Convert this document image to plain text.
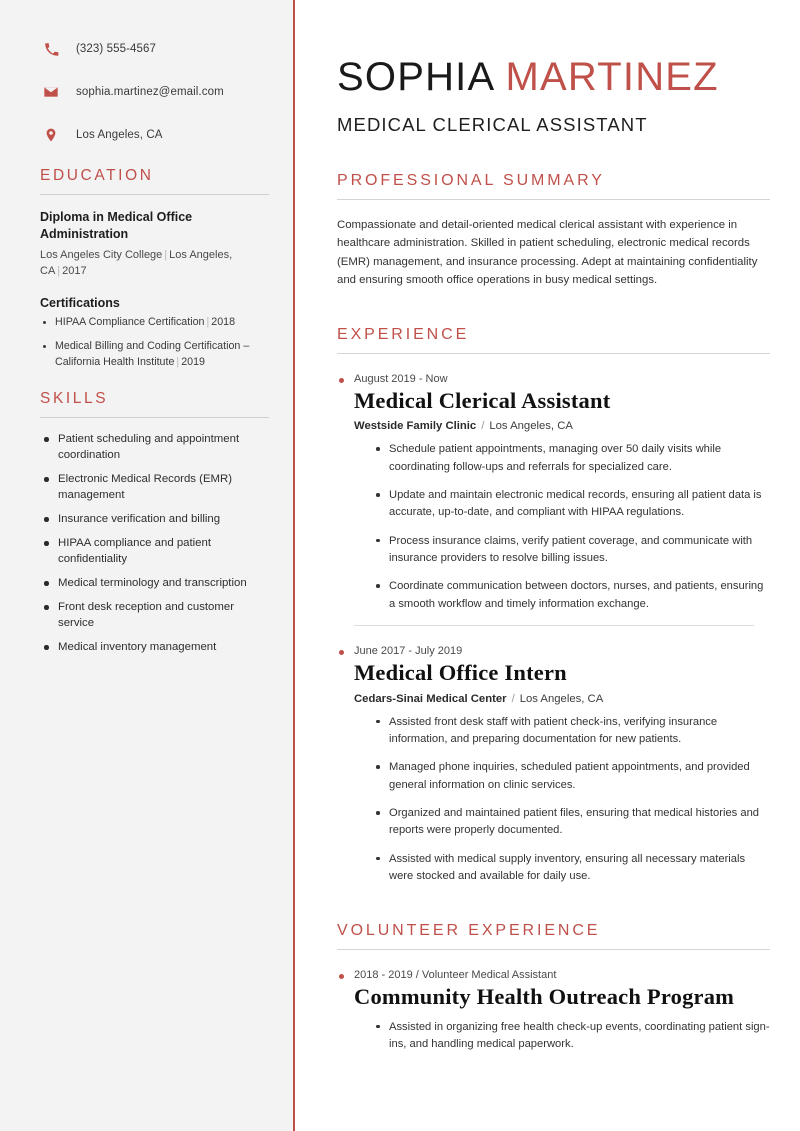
(323) 555-4567
sophia.martinez@email.com
Los Angeles, CA
EDUCATION
Diploma in Medical Office Administration
Los Angeles City College | Los Angeles, CA | 2017
Certifications
HIPAA Compliance Certification | 2018
Medical Billing and Coding Certification – California Health Institute | 2019
SKILLS
Patient scheduling and appointment coordination
Electronic Medical Records (EMR) management
Insurance verification and billing
HIPAA compliance and patient confidentiality
Medical terminology and transcription
Front desk reception and customer service
Medical inventory management
SOPHIA MARTINEZ
MEDICAL CLERICAL ASSISTANT
PROFESSIONAL SUMMARY

Compassionate and detail-oriented medical clerical assistant with experience in healthcare administration. Skilled in patient scheduling, electronic medical records (EMR) management, and insurance processing. Adept at maintaining confidentiality and ensuring smooth office operations in busy medical settings.

EXPERIENCE
August 2019 - Now
Medical Clerical Assistant
Westside Family Clinic / Los Angeles, CA
Schedule patient appointments, managing over 50 daily visits while coordinating follow-ups and referrals for specialized care.
Update and maintain electronic medical records, ensuring all patient data is accurate, up-to-date, and compliant with HIPAA regulations.
Process insurance claims, verify patient coverage, and communicate with insurance providers to resolve billing issues.
Coordinate communication between doctors, nurses, and patients, ensuring a smooth workflow and timely information exchange.
June 2017 - July 2019
Medical Office Intern
Cedars-Sinai Medical Center / Los Angeles, CA
Assisted front desk staff with patient check-ins, verifying insurance information, and preparing documentation for new patients.
Managed phone inquiries, scheduled patient appointments, and provided general information on clinic services.
Organized and maintained patient files, ensuring that medical histories and reports were properly documented.
Assisted with medical supply inventory, ensuring all necessary materials were stocked and available for daily use.
VOLUNTEER EXPERIENCE
2018 - 2019 / Volunteer Medical Assistant
Community Health Outreach Program
Assisted in organizing free health check-up events, coordinating patient sign-ins, and handling medical paperwork.
